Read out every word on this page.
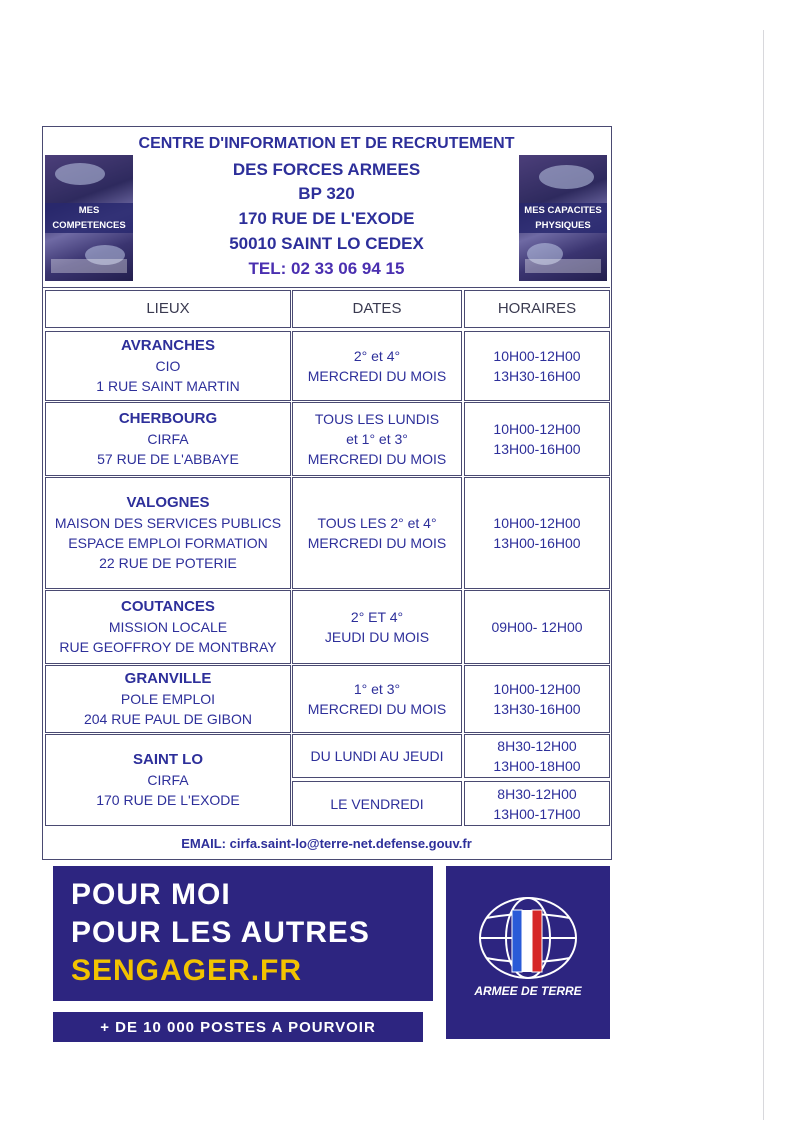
MES COMPETENCES
MES CAPACITES PHYSIQUES
CENTRE D'INFORMATION ET DE RECRUTEMENT
DES FORCES ARMEES
BP 320
170 RUE DE L'EXODE
50010 SAINT LO CEDEX
TEL: 02 33 06 94 15
LIEUX	DATES	HORAIRES
AVRANCHES
CIO
1 RUE SAINT MARTIN
2° et 4°
MERCREDI DU MOIS
10H00-12H00
13H30-16H00
CHERBOURG
CIRFA
57 RUE DE L'ABBAYE
TOUS LES LUNDIS
et 1° et 3°
MERCREDI DU MOIS
10H00-12H00
13H00-16H00
VALOGNES
MAISON DES SERVICES PUBLICS
ESPACE EMPLOI FORMATION
22 RUE DE POTERIE
TOUS LES 2° et 4°
MERCREDI DU MOIS
10H00-12H00
13H00-16H00
COUTANCES
MISSION LOCALE
RUE GEOFFROY DE MONTBRAY
2° ET 4°
JEUDI DU MOIS
09H00- 12H00
GRANVILLE
POLE EMPLOI
204 RUE PAUL DE GIBON
1° et 3°
MERCREDI DU MOIS
10H00-12H00
13H30-16H00
SAINT LO
CIRFA
170 RUE DE L'EXODE
DU LUNDI AU JEUDI
8H30-12H00
13H00-18H00
LE VENDREDI
8H30-12H00
13H00-17H00
EMAIL: cirfa.saint-lo@terre-net.defense.gouv.fr
POUR MOI
POUR LES AUTRES
SENGAGER.FR
+ DE 10 000 POSTES A POURVOIR
ARMEE DE TERRE
